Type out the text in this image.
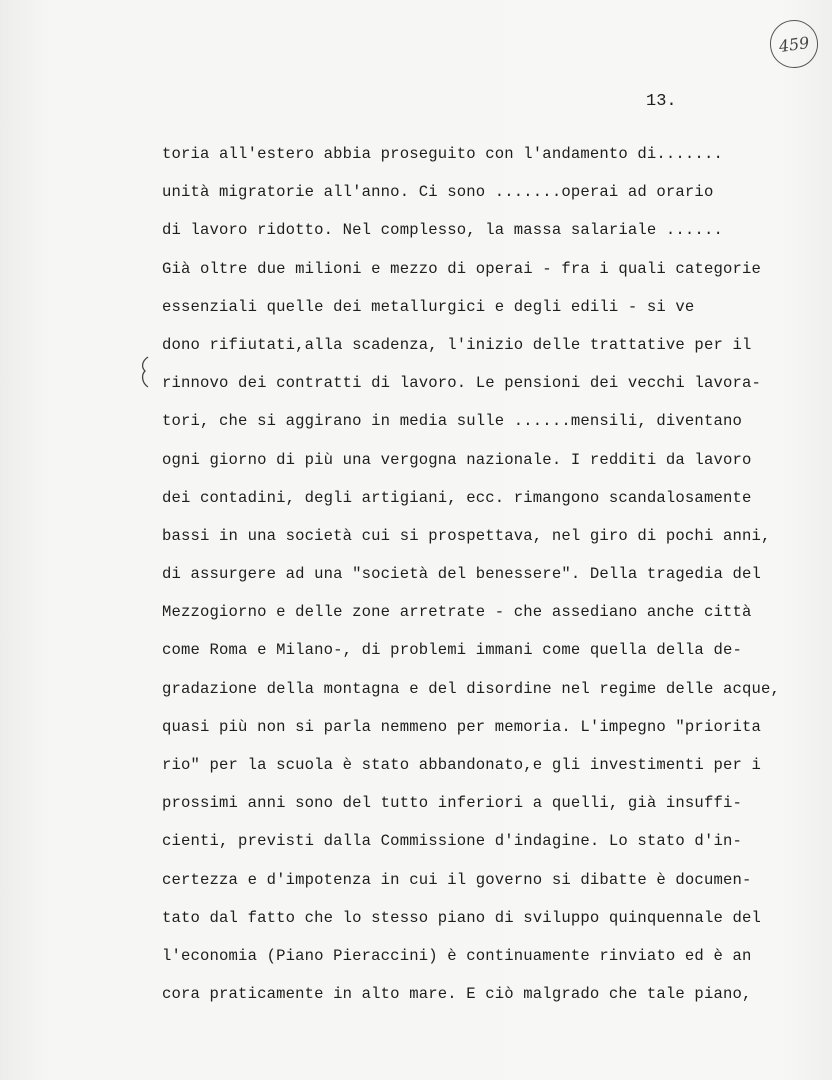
459
13.
toria all'estero abbia proseguito con l'andamento di.......
unità migratorie all'anno. Ci sono .......operai ad orario
di lavoro ridotto. Nel complesso, la massa salariale ......
Già oltre due milioni e mezzo di operai - fra i quali categorie
essenziali quelle dei metallurgici e degli edili - si ve
dono rifiutati,alla scadenza, l'inizio delle trattative per il
rinnovo dei contratti di lavoro. Le pensioni dei vecchi lavora-
tori, che si aggirano in media sulle ......mensili, diventano
ogni giorno di più una vergogna nazionale. I redditi da lavoro
dei contadini, degli artigiani, ecc. rimangono scandalosamente
bassi in una società cui si prospettava, nel giro di pochi anni,
di assurgere ad una "società del benessere". Della tragedia del
Mezzogiorno e delle zone arretrate - che assediano anche città
come Roma e Milano-, di problemi immani come quella della de-
gradazione della montagna e del disordine nel regime delle acque,
quasi più non si parla nemmeno per memoria. L'impegno "priorita
rio" per la scuola è stato abbandonato,e gli investimenti per i
prossimi anni sono del tutto inferiori a quelli, già insuffi-
cienti, previsti dalla Commissione d'indagine. Lo stato d'in-
certezza e d'impotenza in cui il governo si dibatte è documen-
tato dal fatto che lo stesso piano di sviluppo quinquennale del
l'economia (Piano Pieraccini) è continuamente rinviato ed è an
cora praticamente in alto mare. E ciò malgrado che tale piano,
